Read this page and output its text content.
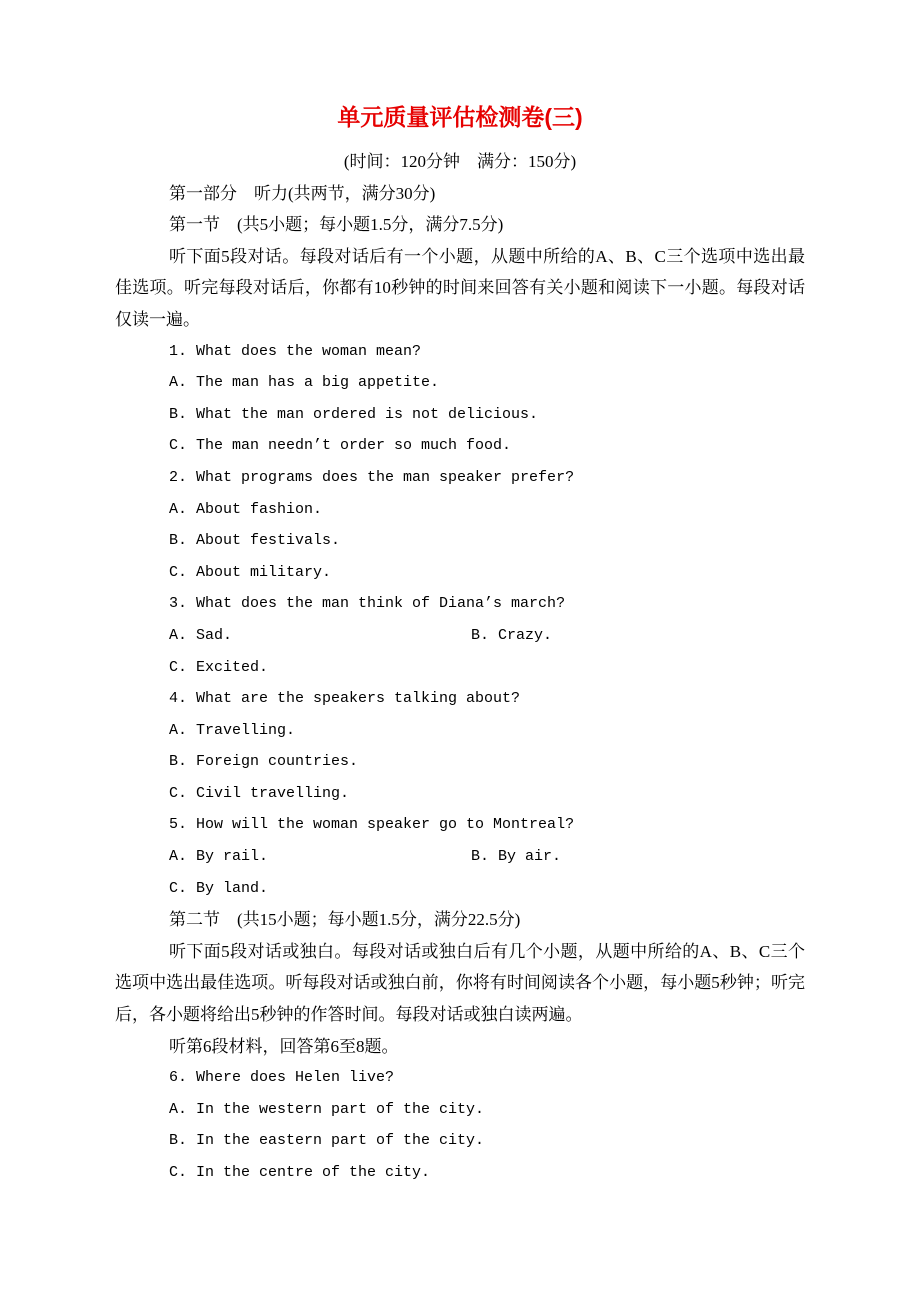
单元质量评估检测卷(三)
(时间：120分钟　满分：150分)
第一部分　听力(共两节，满分30分)
第一节　(共5小题；每小题1.5分，满分7.5分)
听下面5段对话。每段对话后有一个小题，从题中所给的A、B、C三个选项中选出最佳选项。听完每段对话后，你都有10秒钟的时间来回答有关小题和阅读下一小题。每段对话仅读一遍。
1. What does the woman mean?
A. The man has a big appetite.
B. What the man ordered is not delicious.
C. The man needn’t order so much food.
2. What programs does the man speaker prefer?
A. About fashion.
B. About festivals.
C. About military.
3. What does the man think of Diana’s march?
A. Sad.	B. Crazy.
C. Excited.
4. What are the speakers talking about?
A. Travelling.
B. Foreign countries.
C. Civil travelling.
5. How will the woman speaker go to Montreal?
A. By rail.	B. By air.
C. By land.
第二节　(共15小题；每小题1.5分，满分22.5分)
听下面5段对话或独白。每段对话或独白后有几个小题，从题中所给的A、B、C三个选项中选出最佳选项。听每段对话或独白前，你将有时间阅读各个小题，每小题5秒钟；听完后，各小题将给出5秒钟的作答时间。每段对话或独白读两遍。
听第6段材料，回答第6至8题。
6. Where does Helen live?
A. In the western part of the city.
B. In the eastern part of the city.
C. In the centre of the city.
